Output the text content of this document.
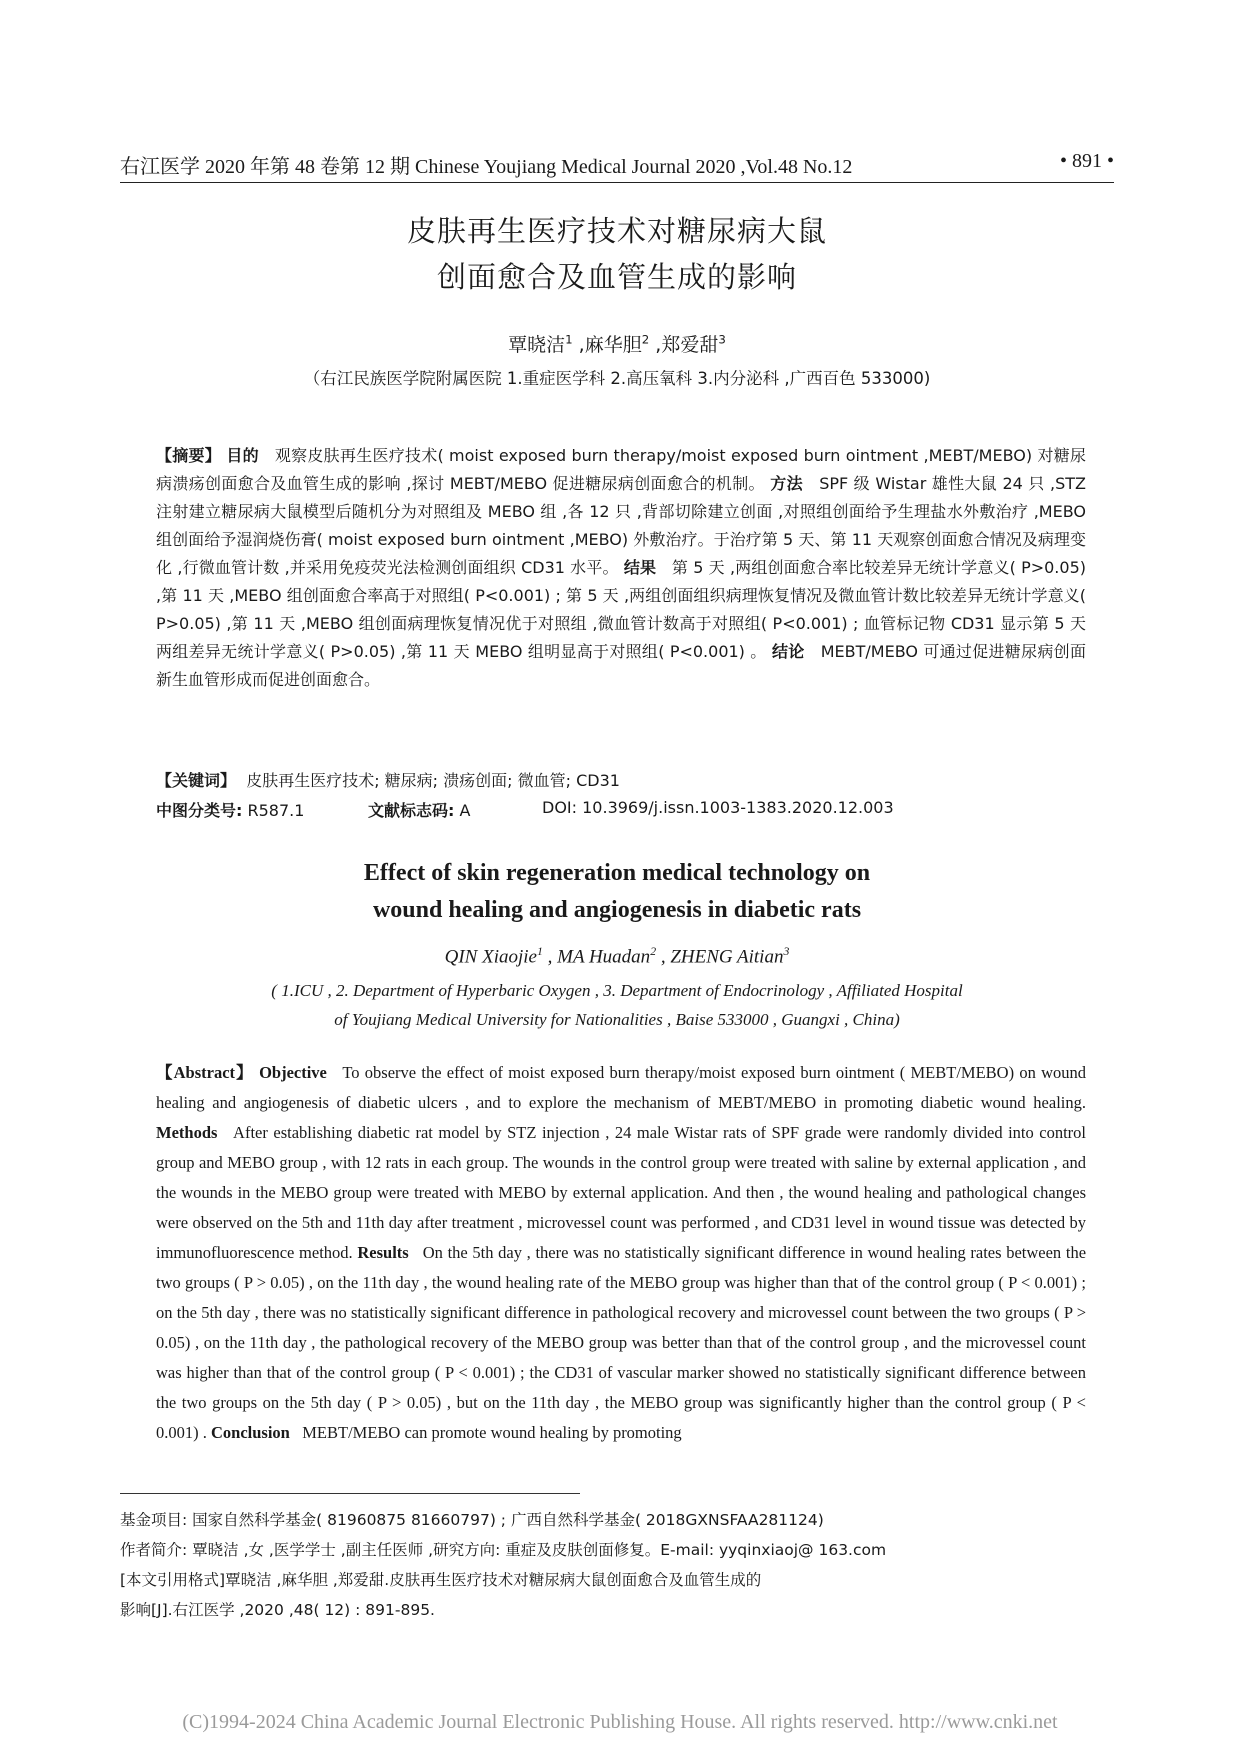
右江医学 2020 年第 48 卷第 12 期 Chinese Youjiang Medical Journal 2020 ,Vol.48 No.12	• 891 •
皮肤再生医疗技术对糖尿病大鼠
创面愈合及血管生成的影响
覃晓洁$^1$ ,麻华胆$^2$ ,郑爱甜$^3$
（右江民族医学院附属医院 1.重症医学科 2.高压氧科 3.内分泌科 ,广西百色 533000)
【摘要】 目的 观察皮肤再生医疗技术( moist exposed burn therapy/moist exposed burn ointment ,MEBT/MEBO) 对糖尿病溃疡创面愈合及血管生成的影响 ,探讨 MEBT/MEBO 促进糖尿病创面愈合的机制。 方法 SPF 级 Wistar 雄性大鼠 24 只 ,STZ 注射建立糖尿病大鼠模型后随机分为对照组及 MEBO 组 ,各 12 只 ,背部切除建立创面 ,对照组创面给予生理盐水外敷治疗 ,MEBO 组创面给予湿润烧伤膏( moist exposed burn ointment ,MEBO) 外敷治疗。于治疗第 5 天、第 11 天观察创面愈合情况及病理变化 ,行微血管计数 ,并采用免疫荧光法检测创面组织 CD31 水平。 结果 第 5 天 ,两组创面愈合率比较差异无统计学意义( P>0.05) ,第 11 天 ,MEBO 组创面愈合率高于对照组( P<0.001) ; 第 5 天 ,两组创面组织病理恢复情况及微血管计数比较差异无统计学意义( P>0.05) ,第 11 天 ,MEBO 组创面病理恢复情况优于对照组 ,微血管计数高于对照组( P<0.001) ; 血管标记物 CD31 显示第 5 天两组差异无统计学意义( P>0.05) ,第 11 天 MEBO 组明显高于对照组( P<0.001) 。 结论 MEBT/MEBO 可通过促进糖尿病创面新生血管形成而促进创面愈合。
【关键词】 皮肤再生医疗技术; 糖尿病; 溃疡创面; 微血管; CD31
中图分类号: R587.1	文献标志码: A	DOI: 10.3969/j.issn.1003-1383.2020.12.003
Effect of skin regeneration medical technology on
wound healing and angiogenesis in diabetic rats
QIN Xiaojie$^1$ , MA Huadan$^2$ , ZHENG Aitian$^3$
( 1.ICU , 2. Department of Hyperbaric Oxygen , 3. Department of Endocrinology , Affiliated Hospital
of Youjiang Medical University for Nationalities , Baise 533000 , Guangxi , China)
【Abstract】 Objective To observe the effect of moist exposed burn therapy/moist exposed burn ointment ( MEBT/MEBO) on wound healing and angiogenesis of diabetic ulcers , and to explore the mechanism of MEBT/MEBO in promoting diabetic wound healing. Methods After establishing diabetic rat model by STZ injection , 24 male Wistar rats of SPF grade were randomly divided into control group and MEBO group , with 12 rats in each group. The wounds in the control group were treated with saline by external application , and the wounds in the MEBO group were treated with MEBO by external application. And then , the wound healing and pathological changes were observed on the 5th and 11th day after treatment , microvessel count was performed , and CD31 level in wound tissue was detected by immunofluorescence method. Results On the 5th day , there was no statistically significant difference in wound healing rates between the two groups ( P > 0.05) , on the 11th day , the wound healing rate of the MEBO group was higher than that of the control group ( P < 0.001) ; on the 5th day , there was no statistically significant difference in pathological recovery and microvessel count between the two groups ( P > 0.05) , on the 11th day , the pathological recovery of the MEBO group was better than that of the control group , and the microvessel count was higher than that of the control group ( P < 0.001) ; the CD31 of vascular marker showed no statistically significant difference between the two groups on the 5th day ( P > 0.05) , but on the 11th day , the MEBO group was significantly higher than the control group ( P < 0.001) . Conclusion MEBT/MEBO can promote wound healing by promoting
基金项目: 国家自然科学基金( 81960875 81660797) ; 广西自然科学基金( 2018GXNSFAA281124)
作者简介: 覃晓洁 ,女 ,医学学士 ,副主任医师 ,研究方向: 重症及皮肤创面修复。E-mail: yyqinxiaoj@ 163.com
[本文引用格式]覃晓洁 ,麻华胆 ,郑爱甜.皮肤再生医疗技术对糖尿病大鼠创面愈合及血管生成的
影响[J].右江医学 ,2020 ,48( 12) : 891-895.
(C)1994-2024 China Academic Journal Electronic Publishing House. All rights reserved. http://www.cnki.net
